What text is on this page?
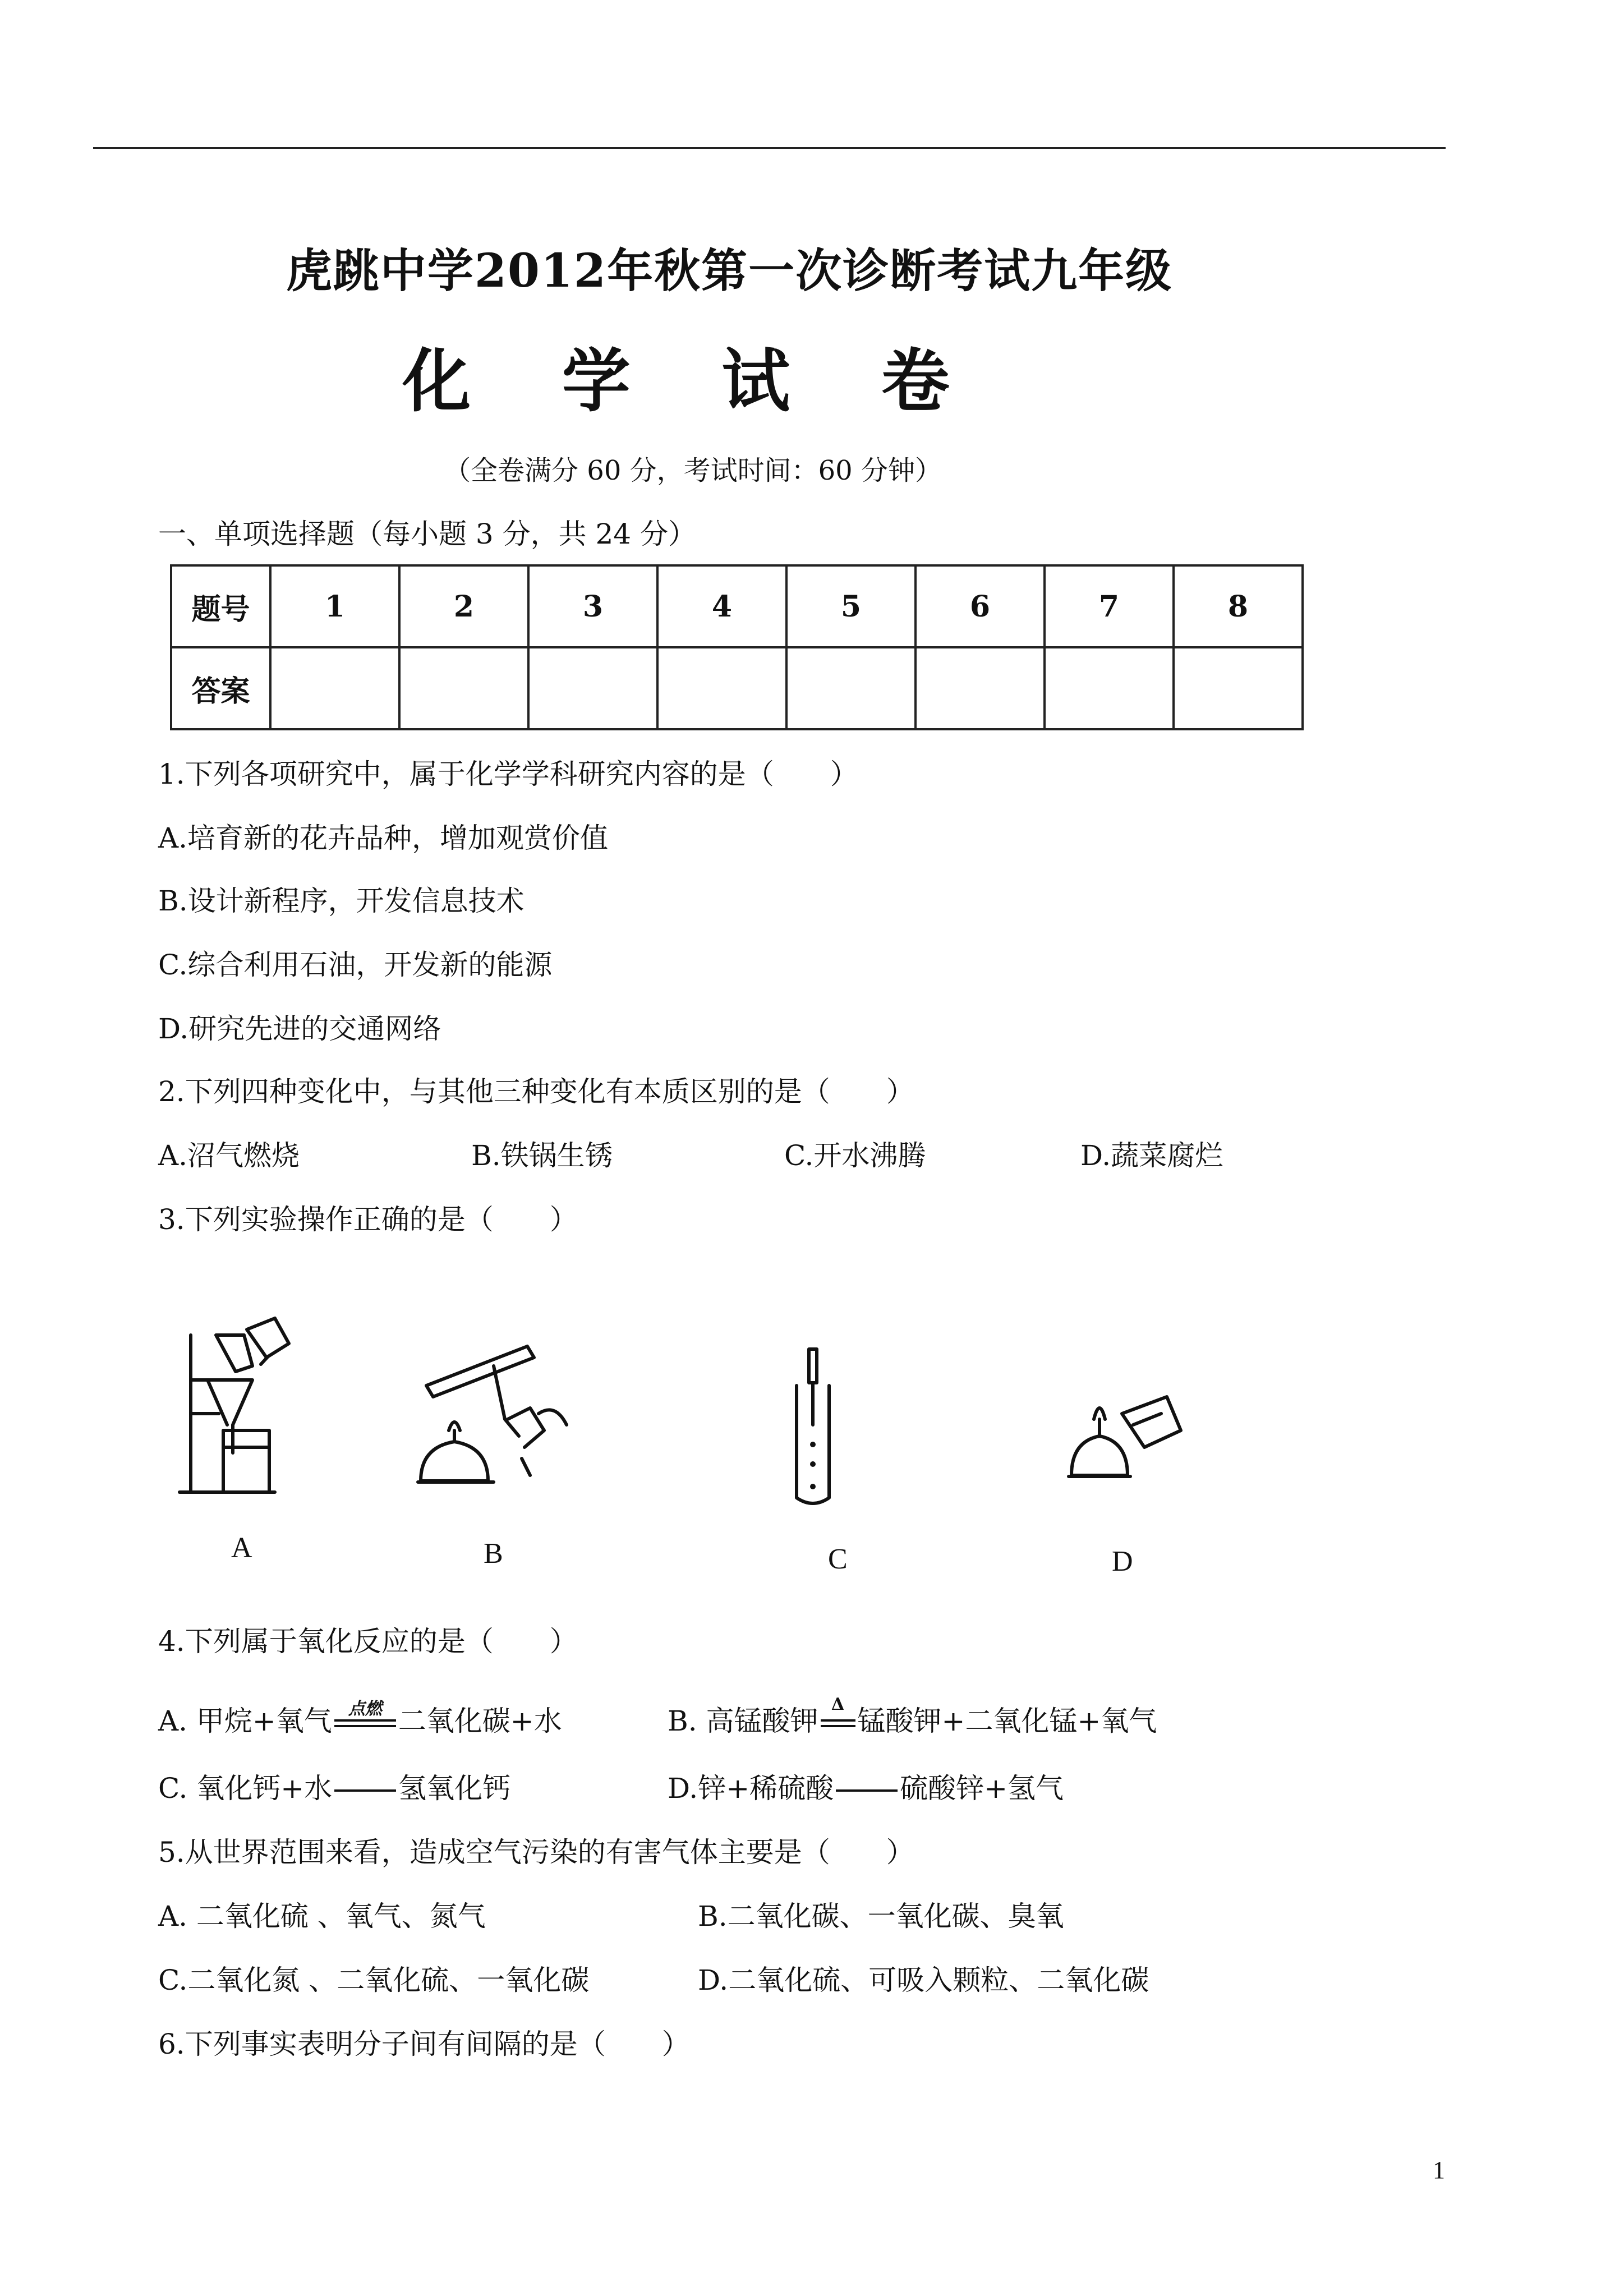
虎跳中学2012年秋第一次诊断考试九年级
化 学 试 卷
（全卷满分 60 分，考试时间：60 分钟）
一、单项选择题（每小题 3 分，共 24 分）
题号	1	2	3	4	5	6	7	8
答案								
1.下列各项研究中，属于化学学科研究内容的是（　　）
A.培育新的花卉品种，增加观赏价值
B.设计新程序，开发信息技术
C.综合利用石油，开发新的能源
D.研究先进的交通网络
2.下列四种变化中，与其他三种变化有本质区别的是（　　）
A.沼气燃烧	B.铁锅生锈	C.开水沸腾	D.蔬菜腐烂
3.下列实验操作正确的是（　　）
A	B	C	D
4.下列属于氧化反应的是（　　）
A. 甲烷+氧气 点燃 二氧化碳+水	B. 高锰酸钾
Δ
锰酸钾+二氧化锰+氧气
C. 氧化钙+水 氢氧化钙	D.锌+稀硫酸 硫酸锌+氢气
5.从世界范围来看，造成空气污染的有害气体主要是（　　）
A. 二氧化硫 、氧气、氮气	B.二氧化碳、一氧化碳、臭氧
C.二氧化氮 、二氧化硫、一氧化碳	D.二氧化硫、可吸入颗粒、二氧化碳
6.下列事实表明分子间有间隔的是（　　）
1
